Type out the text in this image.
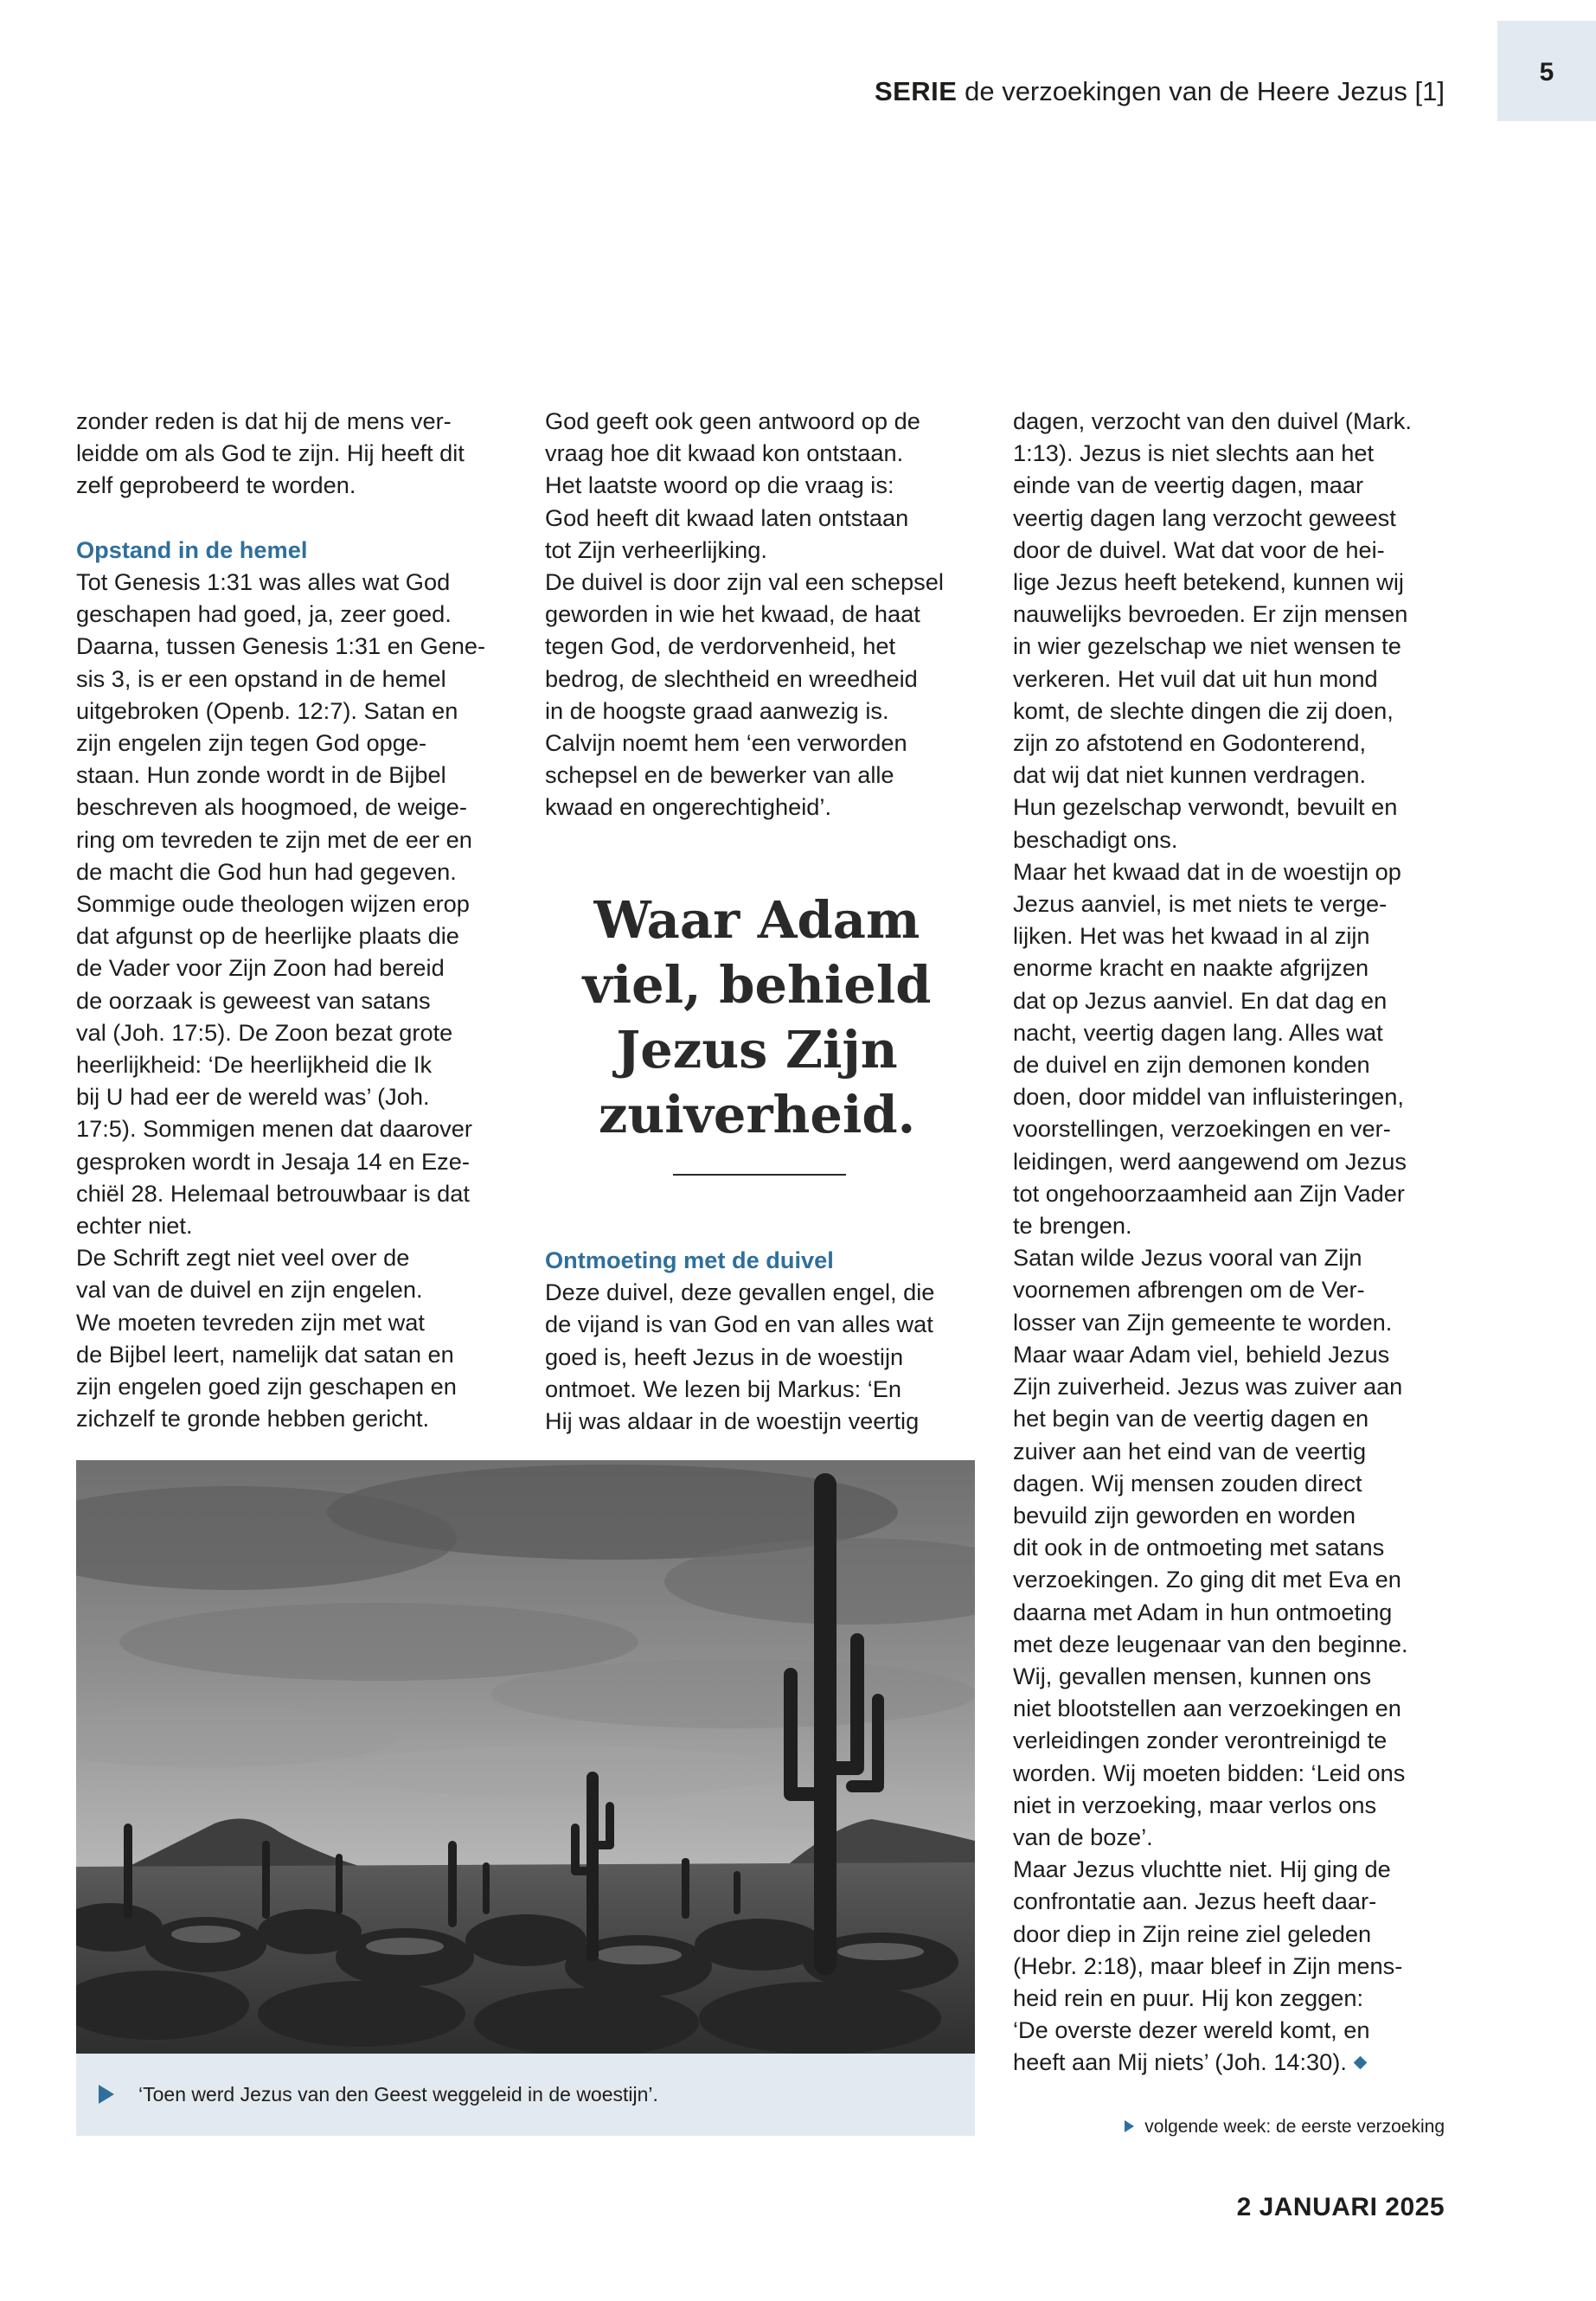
SERIE de verzoekingen van de Heere Jezus [1]
5

zonder reden is dat hij de mens ver-

leidde om als God te zijn. Hij heeft dit

zelf geprobeerd te worden.

Opstand in de hemel

Tot Genesis 1:31 was alles wat God

geschapen had goed, ja, zeer goed.

Daarna, tussen Genesis 1:31 en Gene-

sis 3, is er een opstand in de hemel

uitgebroken (Openb. 12:7). Satan en

zijn engelen zijn tegen God opge-

staan. Hun zonde wordt in de Bijbel

beschreven als hoogmoed, de weige-

ring om tevreden te zijn met de eer en

de macht die God hun had gegeven.

Sommige oude theologen wijzen erop

dat afgunst op de heerlijke plaats die

de Vader voor Zijn Zoon had bereid

de oorzaak is geweest van satans

val (Joh. 17:5). De Zoon bezat grote

heerlijkheid: ‘De heerlijkheid die Ik

bij U had eer de wereld was’ (Joh.

17:5). Sommigen menen dat daarover

gesproken wordt in Jesaja 14 en Eze-

chiël 28. Helemaal betrouwbaar is dat

echter niet.

De Schrift zegt niet veel over de

val van de duivel en zijn engelen.

We moeten tevreden zijn met wat

de Bijbel leert, namelijk dat satan en

zijn engelen goed zijn geschapen en

zichzelf te gronde hebben gericht.

God geeft ook geen antwoord op de

vraag hoe dit kwaad kon ontstaan.

Het laatste woord op die vraag is:

God heeft dit kwaad laten ontstaan

tot Zijn verheerlijking.

De duivel is door zijn val een schepsel

geworden in wie het kwaad, de haat

tegen God, de verdorvenheid, het

bedrog, de slechtheid en wreedheid

in de hoogste graad aanwezig is.

Calvijn noemt hem ‘een verworden

schepsel en de bewerker van alle

kwaad en ongerechtigheid’.

Waar Adam

viel, behield

Jezus Zijn

zuiverheid.

Ontmoeting met de duivel

Deze duivel, deze gevallen engel, die

de vijand is van God en van alles wat

goed is, heeft Jezus in de woestijn

ontmoet. We lezen bij Markus: ‘En

Hij was aldaar in de woestijn veertig

dagen, verzocht van den duivel (Mark.

1:13). Jezus is niet slechts aan het

einde van de veertig dagen, maar

veertig dagen lang verzocht geweest

door de duivel. Wat dat voor de hei-

lige Jezus heeft betekend, kunnen wij

nauwelijks bevroeden. Er zijn mensen

in wier gezelschap we niet wensen te

verkeren. Het vuil dat uit hun mond

komt, de slechte dingen die zij doen,

zijn zo afstotend en Godonterend,

dat wij dat niet kunnen verdragen.

Hun gezelschap verwondt, bevuilt en

beschadigt ons.

Maar het kwaad dat in de woestijn op

Jezus aanviel, is met niets te verge-

lijken. Het was het kwaad in al zijn

enorme kracht en naakte afgrijzen

dat op Jezus aanviel. En dat dag en

nacht, veertig dagen lang. Alles wat

de duivel en zijn demonen konden

doen, door middel van influisteringen,

voorstellingen, verzoekingen en ver-

leidingen, werd aangewend om Jezus

tot ongehoorzaamheid aan Zijn Vader

te brengen.

Satan wilde Jezus vooral van Zijn

voornemen afbrengen om de Ver-

losser van Zijn gemeente te worden.

Maar waar Adam viel, behield Jezus

Zijn zuiverheid. Jezus was zuiver aan

het begin van de veertig dagen en

zuiver aan het eind van de veertig

dagen. Wij mensen zouden direct

bevuild zijn geworden en worden

dit ook in de ontmoeting met satans

verzoekingen. Zo ging dit met Eva en

daarna met Adam in hun ontmoeting

met deze leugenaar van den beginne.

Wij, gevallen mensen, kunnen ons

niet blootstellen aan verzoekingen en

verleidingen zonder verontreinigd te

worden. Wij moeten bidden: ‘Leid ons

niet in verzoeking, maar verlos ons

van de boze’.

Maar Jezus vluchtte niet. Hij ging de

confrontatie aan. Jezus heeft daar-

door diep in Zijn reine ziel geleden

(Hebr. 2:18), maar bleef in Zijn mens-

heid rein en puur. Hij kon zeggen:

‘De overste dezer wereld komt, en

heeft aan Mij niets’ (Joh. 14:30).

‘Toen werd Jezus van den Geest weggeleid in de woestijn’.
volgende week: de eerste verzoeking
2 JANUARI 2025
